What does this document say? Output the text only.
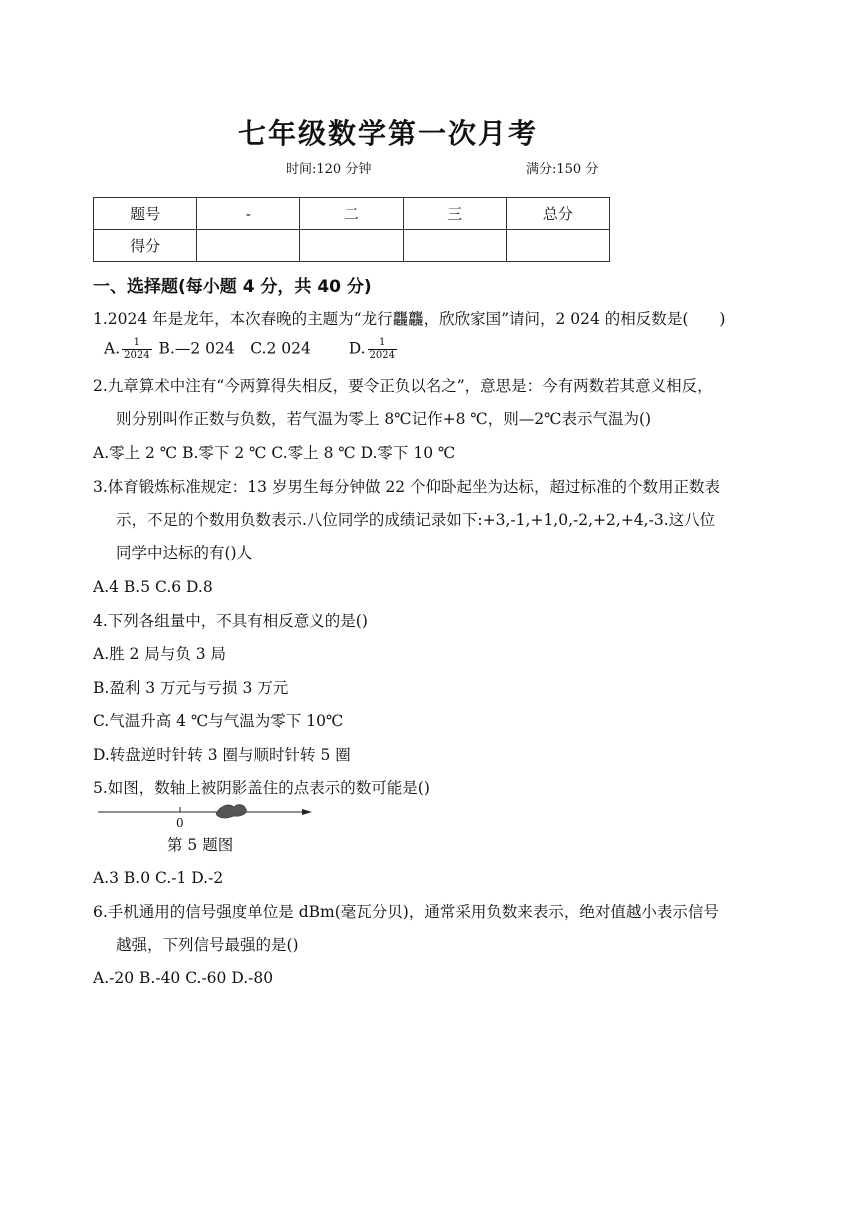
七年级数学第一次月考
时间:120 分钟	满分:150 分
题号	-	二	三	总分
得分				
一、选择题(每小题 4 分，共 40 分)
1.2024 年是龙年，本次春晚的主题为“龙行龘龘，欣欣家国”请问，2 024 的相反数是(　　)
A. $\frac{1}{2024}$ B.—2 024　C.2 024 D. $\frac{1}{2024}$
2.九章算术中注有“今两算得失相反，要令正负以名之”，意思是：今有两数若其意义相反，
则分别叫作正数与负数，若气温为零上 8℃记作+8 ℃，则—2℃表示气温为()
A.零上 2 ℃ B.零下 2 ℃ C.零上 8 ℃ D.零下 10 ℃
3.体育锻炼标准规定：13 岁男生每分钟做 22 个仰卧起坐为达标，超过标准的个数用正数表
示，不足的个数用负数表示.八位同学的成绩记录如下:+3,-1,+1,0,-2,+2,+4,-3.这八位
同学中达标的有()人
A.4 B.5 C.6 D.8
4.下列各组量中，不具有相反意义的是()
A.胜 2 局与负 3 局
B.盈利 3 万元与亏损 3 万元
C.气温升高 4 ℃与气温为零下 10℃
D.转盘逆时针转 3 圈与顺时针转 5 圈
5.如图，数轴上被阴影盖住的点表示的数可能是()
0
第 5 题图
A.3 B.0 C.-1 D.-2
6.手机通用的信号强度单位是 dBm(毫瓦分贝)，通常采用负数来表示，绝对值越小表示信号
越强，下列信号最强的是()
A.-20 B.-40 C.-60 D.-80
